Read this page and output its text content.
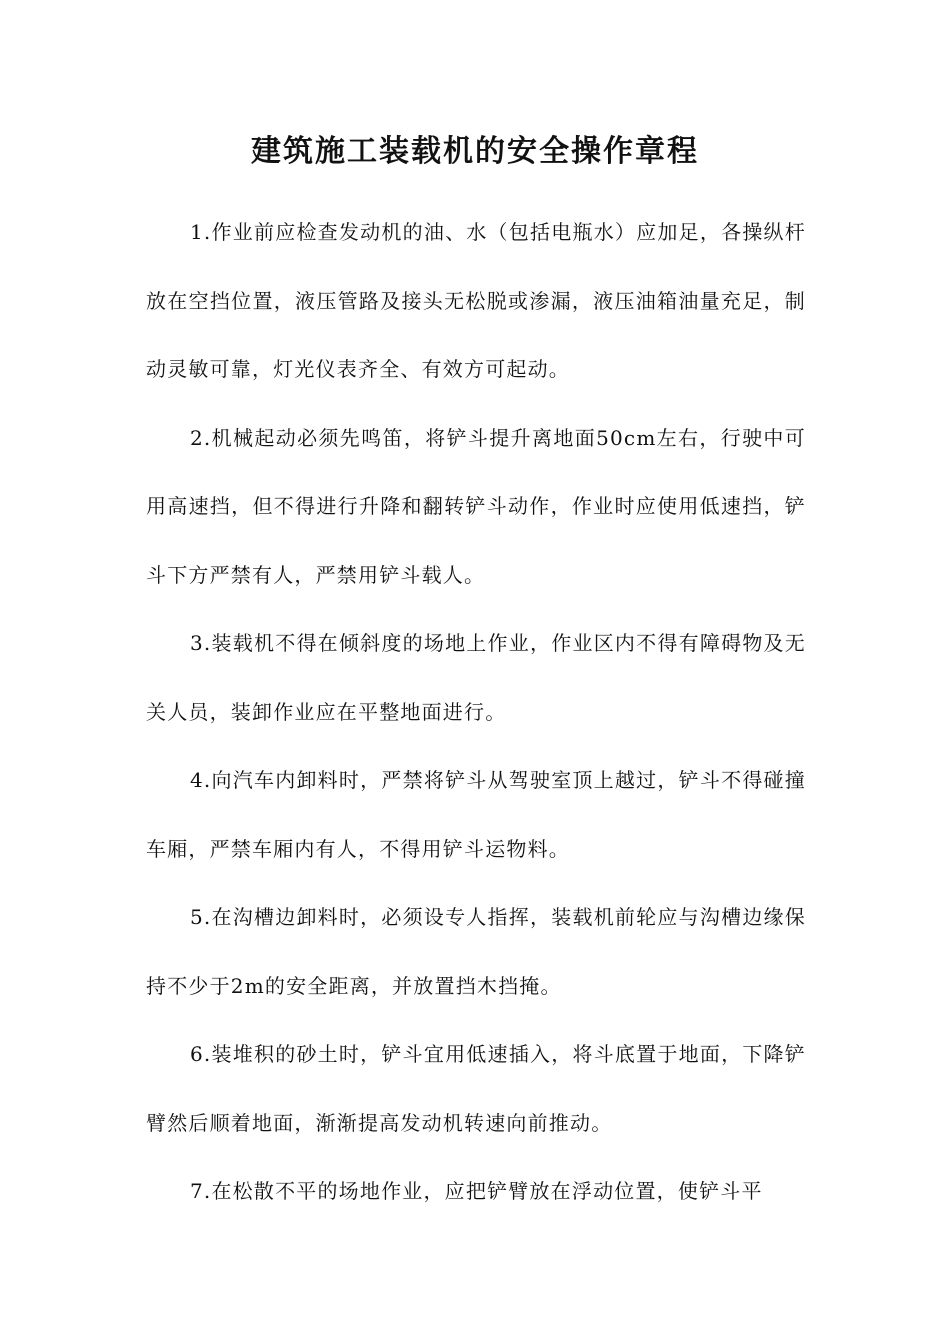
建筑施工装载机的安全操作章程

1.作业前应检查发动机的油、水（包括电瓶水）应加足，各操纵杆放在空挡位置，液压管路及接头无松脱或渗漏，液压油箱油量充足，制动灵敏可靠，灯光仪表齐全、有效方可起动。

2.机械起动必须先鸣笛，将铲斗提升离地面50cm左右，行驶中可用高速挡，但不得进行升降和翻转铲斗动作，作业时应使用低速挡，铲斗下方严禁有人，严禁用铲斗载人。

3.装载机不得在倾斜度的场地上作业，作业区内不得有障碍物及无关人员，装卸作业应在平整地面进行。

4.向汽车内卸料时，严禁将铲斗从驾驶室顶上越过，铲斗不得碰撞车厢，严禁车厢内有人，不得用铲斗运物料。

5.在沟槽边卸料时，必须设专人指挥，装载机前轮应与沟槽边缘保持不少于2m的安全距离，并放置挡木挡掩。

6.装堆积的砂土时，铲斗宜用低速插入，将斗底置于地面，下降铲臂然后顺着地面，渐渐提高发动机转速向前推动。

7.在松散不平的场地作业，应把铲臂放在浮动位置，使铲斗平
